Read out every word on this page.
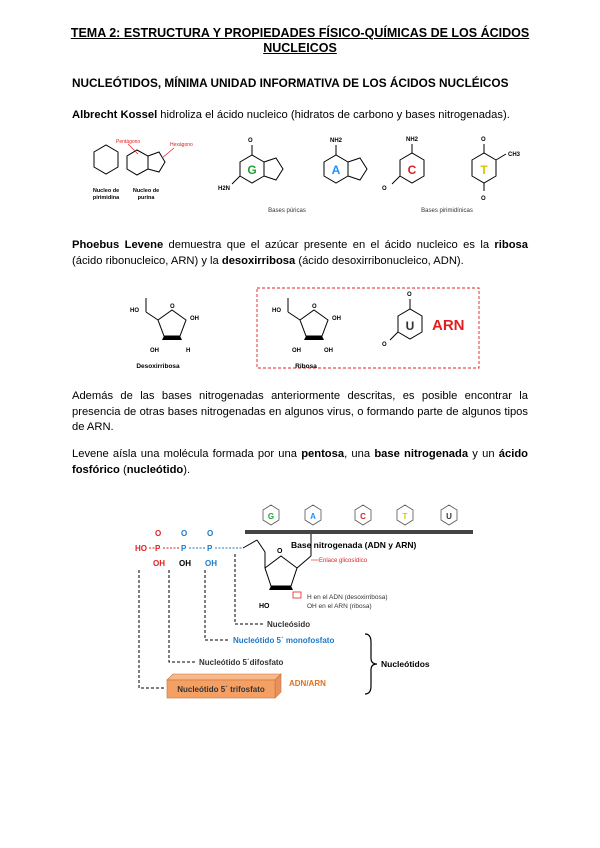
TEMA 2: ESTRUCTURA Y PROPIEDADES FÍSICO-QUÍMICAS DE LOS ÁCIDOS
NUCLEICOS
NUCLEÓTIDOS, MÍNIMA UNIDAD INFORMATIVA DE LOS ÁCIDOS NUCLÉICOS
Albrecht Kossel hidroliza el ácido nucleico (hidratos de carbono y bases nitrogenadas).
Pentágono	Hexágono
Nucleo de
pirimidina
Nucleo de
purina
G	A	C	T
O
H2N
NH2	NH2
O
O
CH3
O
Bases púricas	Bases pirimidínicas
Phoebus Levene demuestra que el azúcar presente en el ácido nucleico es la ribosa (ácido ribonucleico, ARN) y la desoxirribosa (ácido desoxirribonucleico, ADN).
HO
O
OH	H
OH
Desoxirribosa
HO
O
OH	OH
OH
Ribosa
U
O
O
ARN
Además de las bases nitrogenadas anteriormente descritas, es posible encontrar la presencia de otras bases nitrogenadas en algunos virus, o formando parte de algunos tipos de ARN.
Levene aísla una molécula formada por una pentosa, una base nitrogenada y un ácido fosfórico (nucleótido).
G	A	C	T	U
Base nitrogenada (ADN y ARN)
HO P	P	P
OH OH OH
O O O
O
HO
Enlace glicosídico
H en el ADN (desoxirribosa)
OH en el ARN (ribosa)
Nucleósido
Nucleótido 5´ monofosfato
Nucleótido 5´difosfato
Nucleótido 5´ trifosfato
ADN/ARN
Nucleótidos
